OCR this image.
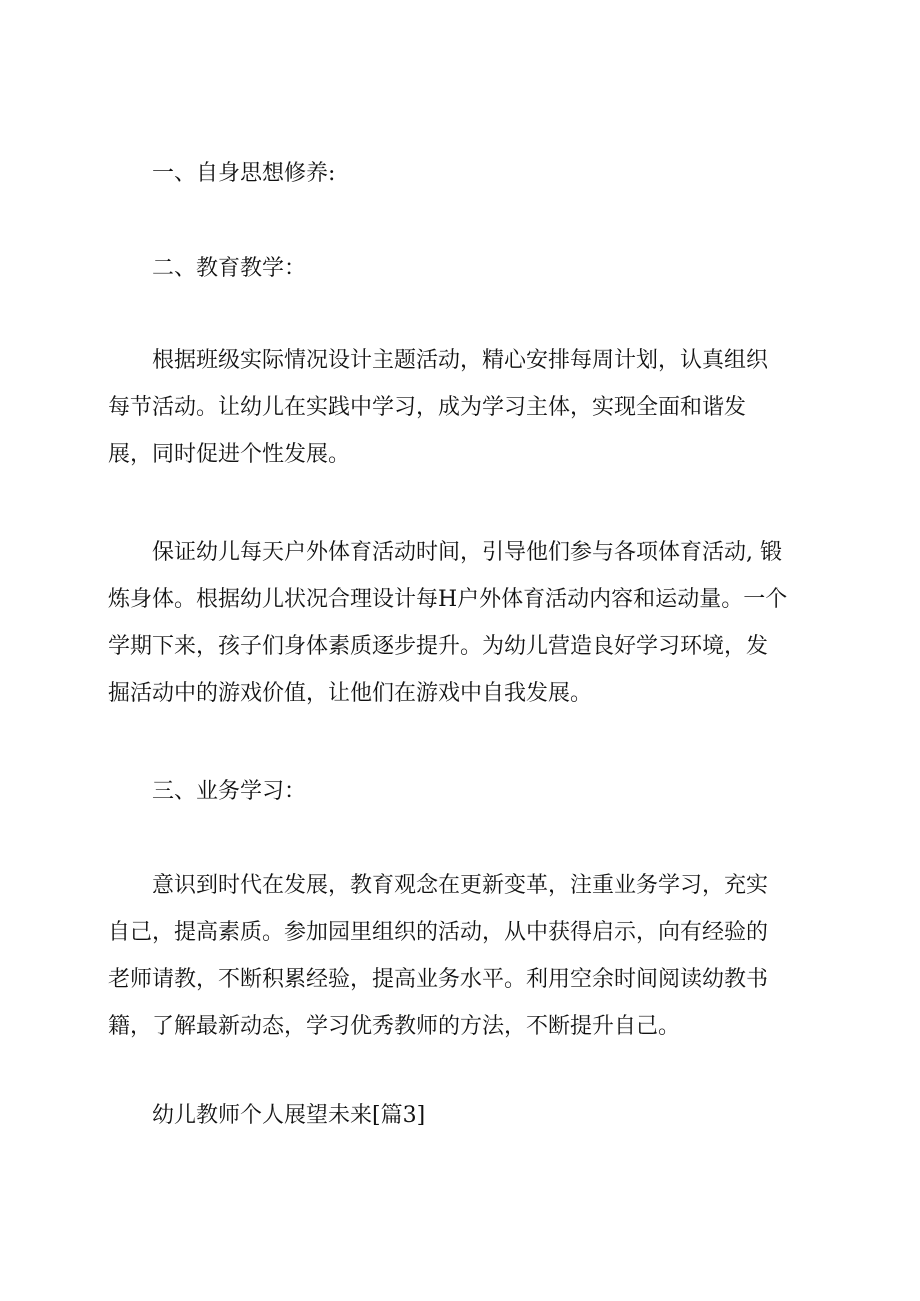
一、自身思想修养:

二、教育教学：

根据班级实际情况设计主题活动，精心安排每周计划，认真组织
每节活动。让幼儿在实践中学习，成为学习主体，实现全面和谐发
展，同时促进个性发展。
保证幼儿每天户外体育活动时间，引导他们参与各项体育活动, 锻
炼身体。根据幼儿状况合理设计每H户外体育活动内容和运动量。一个
学期下来，孩子们身体素质逐步提升。为幼儿营造良好学习环境，发
掘活动中的游戏价值，让他们在游戏中自我发展。

三、业务学习：

意识到时代在发展，教育观念在更新变革，注重业务学习，充实
自己，提高素质。参加园里组织的活动，从中获得启示，向有经验的
老师请教，不断积累经验，提高业务水平。利用空余时间阅读幼教书
籍，了解最新动态，学习优秀教师的方法，不断提升自己。

幼儿教师个人展望未来[篇3]
